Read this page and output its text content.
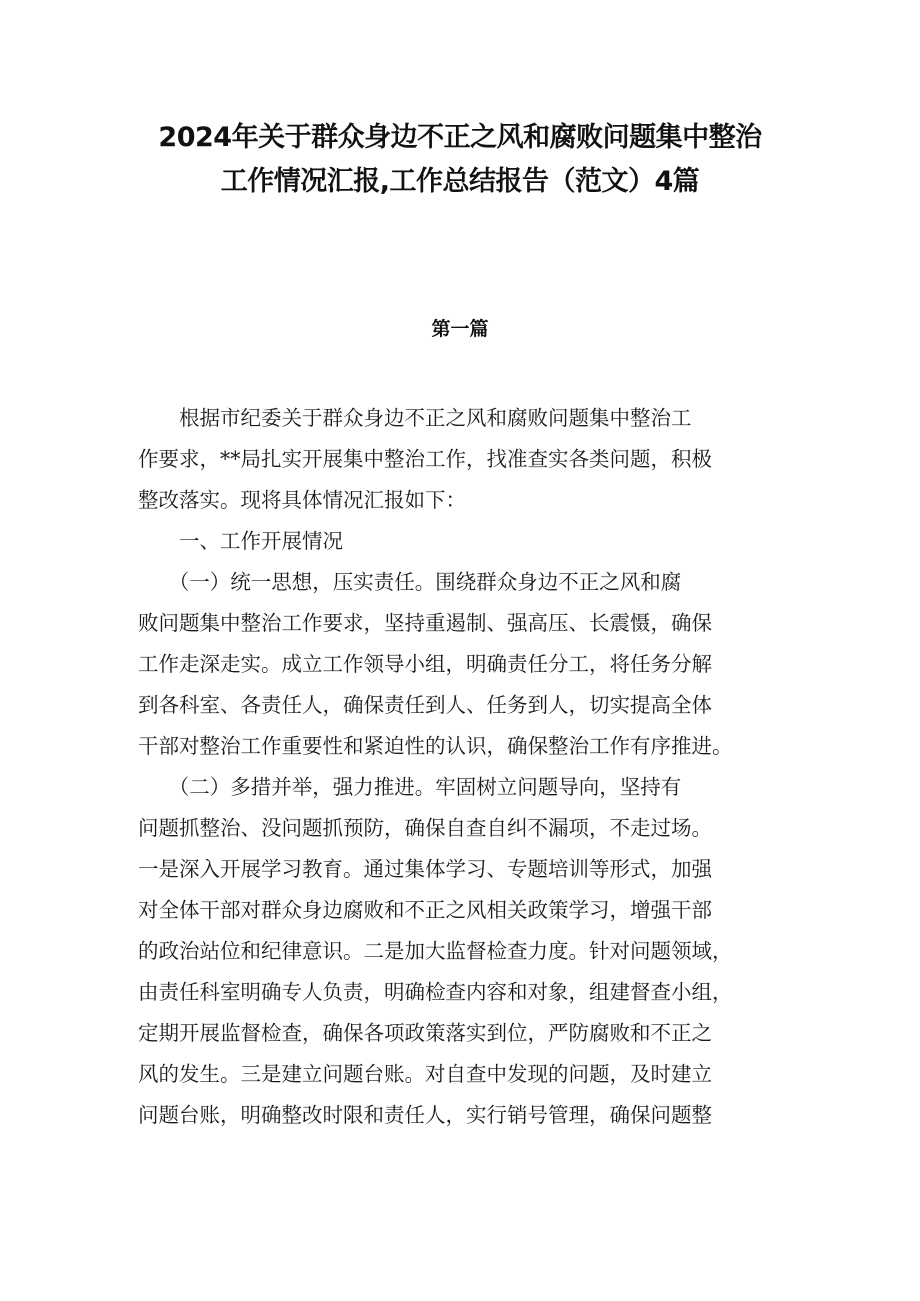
2024年关于群众身边不正之风和腐败问题集中整治
工作情况汇报,工作总结报告（范文）4篇
第一篇
　　根据市纪委关于群众身边不正之风和腐败问题集中整治工
作要求，**局扎实开展集中整治工作，找准查实各类问题，积极
整改落实。现将具体情况汇报如下：
　　一、工作开展情况
　　（一）统一思想，压实责任。围绕群众身边不正之风和腐
败问题集中整治工作要求，坚持重遏制、强高压、长震慑，确保
工作走深走实。成立工作领导小组，明确责任分工，将任务分解
到各科室、各责任人，确保责任到人、任务到人，切实提高全体
干部对整治工作重要性和紧迫性的认识，确保整治工作有序推进。
　　（二）多措并举，强力推进。牢固树立问题导向，坚持有
问题抓整治、没问题抓预防，确保自查自纠不漏项，不走过场。
一是深入开展学习教育。通过集体学习、专题培训等形式，加强
对全体干部对群众身边腐败和不正之风相关政策学习，增强干部
的政治站位和纪律意识。二是加大监督检查力度。针对问题领域，
由责任科室明确专人负责，明确检查内容和对象，组建督查小组，
定期开展监督检查，确保各项政策落实到位，严防腐败和不正之
风的发生。三是建立问题台账。对自查中发现的问题，及时建立
问题台账，明确整改时限和责任人，实行销号管理，确保问题整
